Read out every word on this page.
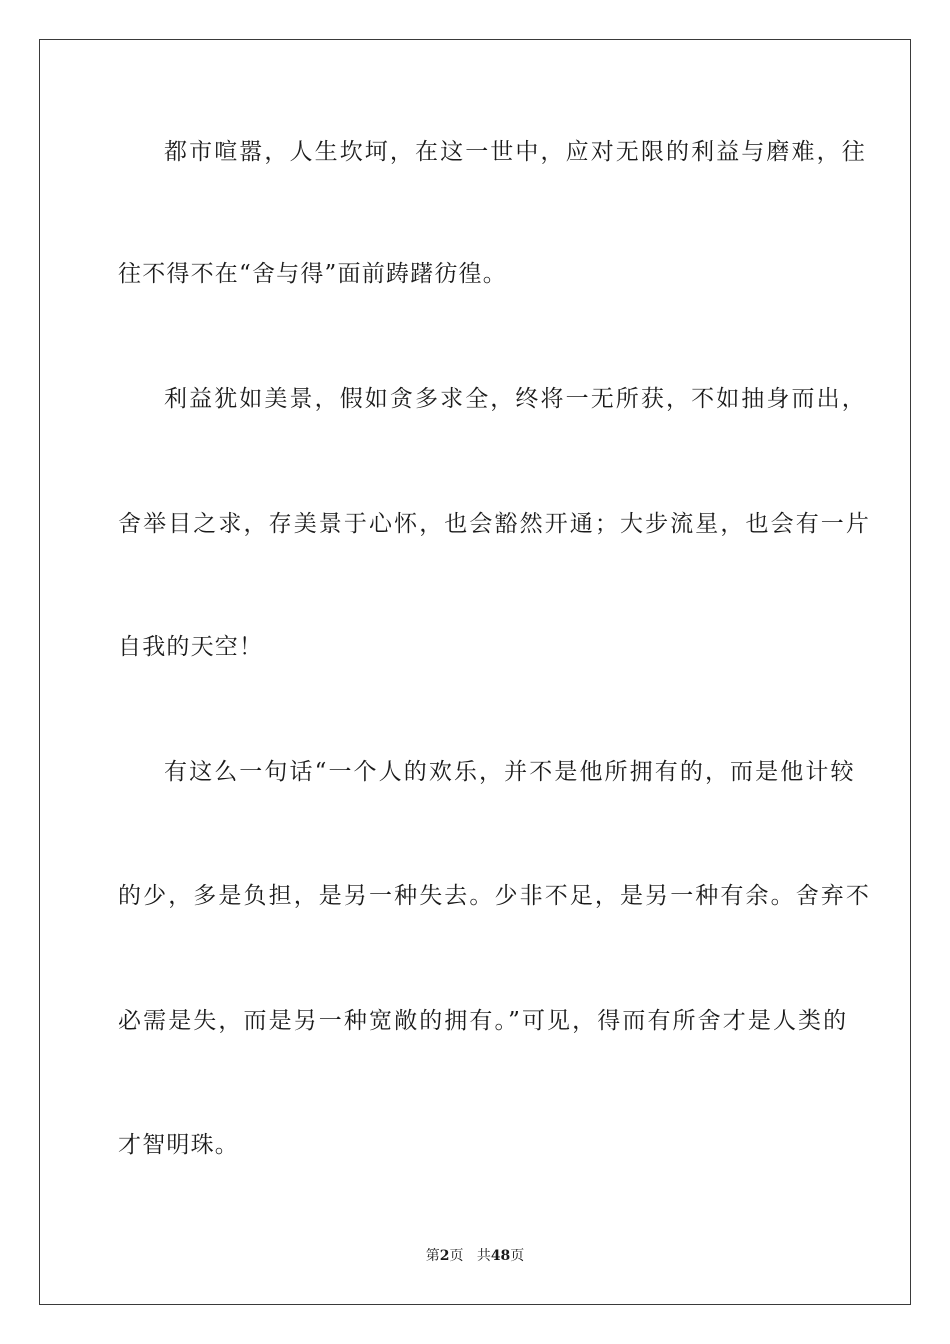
都市喧嚣，人生坎坷，在这一世中，应对无限的利益与磨难，往
往不得不在“舍与得”面前踌躇彷徨。
利益犹如美景，假如贪多求全，终将一无所获，不如抽身而出，
舍举目之求，存美景于心怀，也会豁然开通；大步流星，也会有一片
自我的天空！
有这么一句话“一个人的欢乐，并不是他所拥有的，而是他计较
的少，多是负担，是另一种失去。少非不足，是另一种有余。舍弃不
必需是失，而是另一种宽敞的拥有。”可见，得而有所舍才是人类的
才智明珠。
第2页 共48页
